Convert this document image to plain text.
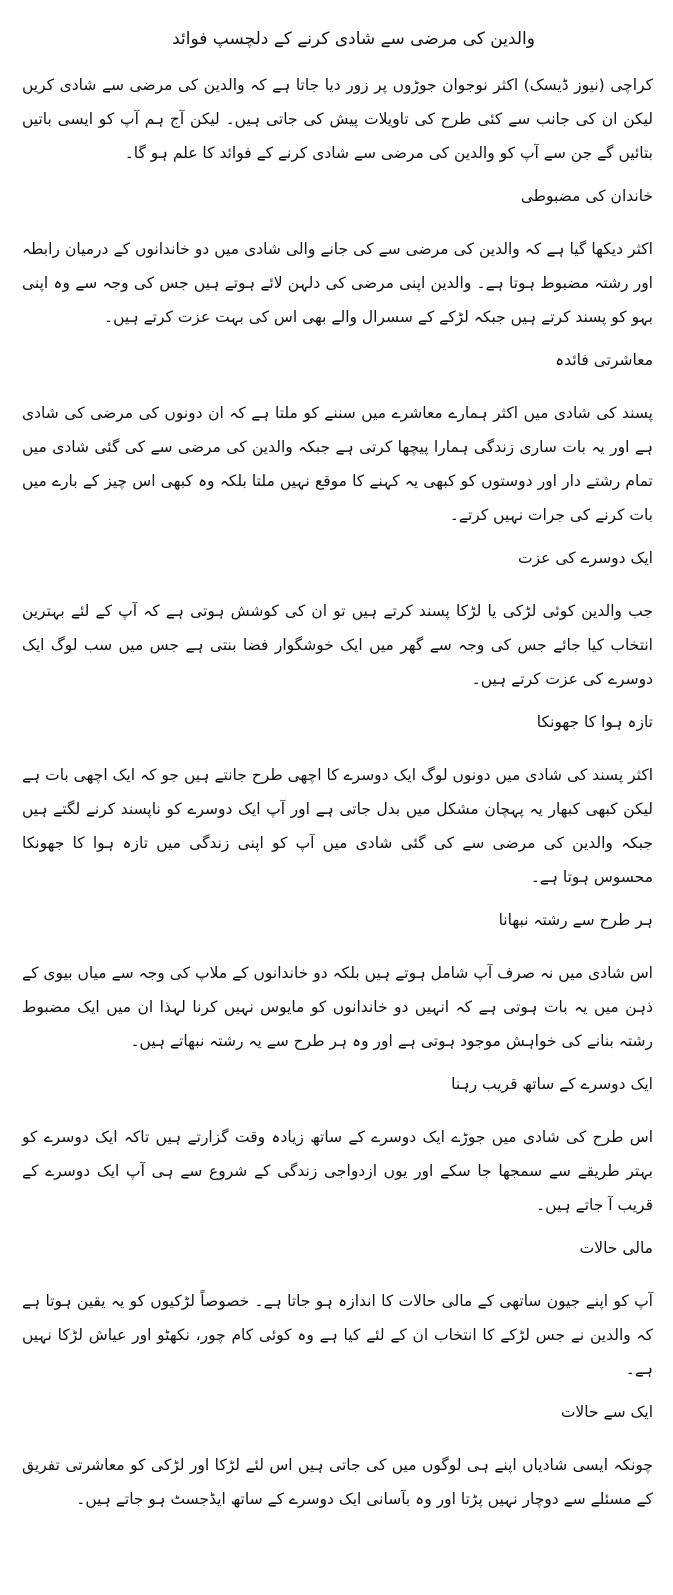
والدین کی مرضی سے شادی کرنے کے دلچسپ فوائد

کراچی (نیوز ڈیسک) اکثر نوجوان جوڑوں پر زور دیا جاتا ہے کہ والدین کی مرضی سے شادی کریں لیکن ان کی جانب سے کئی طرح کی تاویلات پیش کی جاتی ہیں۔ لیکن آج ہم آپ کو ایسی باتیں بتائیں گے جن سے آپ کو والدین کی مرضی سے شادی کرنے کے فوائد کا علم ہو گا۔

خاندان کی مضبوطی

اکثر دیکھا گیا ہے کہ والدین کی مرضی سے کی جانے والی شادی میں دو خاندانوں کے درمیان رابطہ اور رشتہ مضبوط ہوتا ہے۔ والدین اپنی مرضی کی دلہن لائے ہوتے ہیں جس کی وجہ سے وہ اپنی بہو کو پسند کرتے ہیں جبکہ لڑکے کے سسرال والے بھی اس کی بہت عزت کرتے ہیں۔

معاشرتی فائدہ

پسند کی شادی میں اکثر ہمارے معاشرے میں سننے کو ملتا ہے کہ ان دونوں کی مرضی کی شادی ہے اور یہ بات ساری زندگی ہمارا پیچھا کرتی ہے جبکہ والدین کی مرضی سے کی گئی شادی میں تمام رشتے دار اور دوستوں کو کبھی یہ کہنے کا موقع نہیں ملتا بلکہ وہ کبھی اس چیز کے بارے میں بات کرنے کی جرات نہیں کرتے۔

ایک دوسرے کی عزت

جب والدین کوئی لڑکی یا لڑکا پسند کرتے ہیں تو ان کی کوشش ہوتی ہے کہ آپ کے لئے بہترین انتخاب کیا جائے جس کی وجہ سے گھر میں ایک خوشگوار فضا بنتی ہے جس میں سب لوگ ایک دوسرے کی عزت کرتے ہیں۔

تازہ ہوا کا جھونکا

اکثر پسند کی شادی میں دونوں لوگ ایک دوسرے کا اچھی طرح جانتے ہیں جو کہ ایک اچھی بات ہے لیکن کبھی کبھار یہ پہچان مشکل میں بدل جاتی ہے اور آپ ایک دوسرے کو ناپسند کرنے لگتے ہیں جبکہ والدین کی مرضی سے کی گئی شادی میں آپ کو اپنی زندگی میں تازہ ہوا کا جھونکا محسوس ہوتا ہے۔

ہر طرح سے رشتہ نبھانا

اس شادی میں نہ صرف آپ شامل ہوتے ہیں بلکہ دو خاندانوں کے ملاپ کی وجہ سے میاں بیوی کے ذہن میں یہ بات ہوتی ہے کہ انہیں دو خاندانوں کو مایوس نہیں کرنا لہذا ان میں ایک مضبوط رشتہ بنانے کی خواہش موجود ہوتی ہے اور وہ ہر طرح سے یہ رشتہ نبھاتے ہیں۔

ایک دوسرے کے ساتھ قریب رہنا

اس طرح کی شادی میں جوڑے ایک دوسرے کے ساتھ زیادہ وقت گزارتے ہیں تاکہ ایک دوسرے کو بہتر طریقے سے سمجھا جا سکے اور یوں ازدواجی زندگی کے شروع سے ہی آپ ایک دوسرے کے قریب آ جاتے ہیں۔

مالی حالات

آپ کو اپنے جیون ساتھی کے مالی حالات کا اندازہ ہو جاتا ہے۔ خصوصاً لڑکیوں کو یہ یقین ہوتا ہے کہ والدین نے جس لڑکے کا انتخاب ان کے لئے کیا ہے وہ کوئی کام چور، نکھٹو اور عیاش لڑکا نہیں ہے۔

ایک سے حالات

چونکہ ایسی شادیاں اپنے ہی لوگوں میں کی جاتی ہیں اس لئے لڑکا اور لڑکی کو معاشرتی تفریق کے مسئلے سے دوچار نہیں پڑتا اور وہ بآسانی ایک دوسرے کے ساتھ ایڈجسٹ ہو جاتے ہیں۔
